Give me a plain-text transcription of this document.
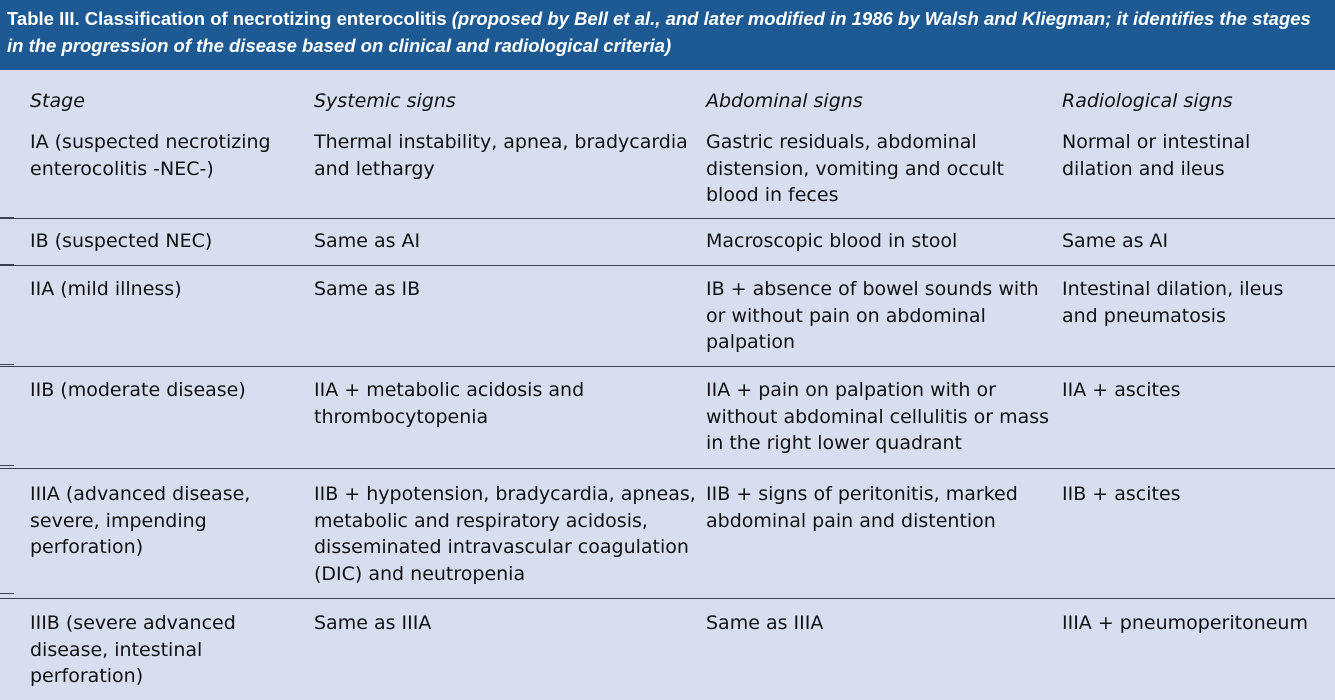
Table III. Classification of necrotizing enterocolitis (proposed by Bell et al., and later modified in 1986 by Walsh and Kliegman; it identifies the stages in the progression of the disease based on clinical and radiological criteria)
Stage	Systemic signs	Abdominal signs	Radiological signs
IA (suspected necrotizing enterocolitis -NEC-)	Thermal instability, apnea, bradycardia and lethargy	Gastric residuals, abdominal distension, vomiting and occult blood in feces	Normal or intestinal dilation and ileus
IB (suspected NEC)	Same as AI	Macroscopic blood in stool	Same as AI
IIA (mild illness)	Same as IB	IB + absence of bowel sounds with or without pain on abdominal palpation	Intestinal dilation, ileus and pneumatosis
IIB (moderate disease)	IIA + metabolic acidosis and thrombocytopenia	IIA + pain on palpation with or without abdominal cellulitis or mass in the right lower quadrant	IIA + ascites
IIIA (advanced disease, severe, impending perforation)	IIB + hypotension, bradycardia, apneas, metabolic and respiratory acidosis, disseminated intravascular coagulation (DIC) and neutropenia	IIB + signs of peritonitis, marked abdominal pain and distention	IIB + ascites
IIIB (severe advanced disease, intestinal perforation)	Same as IIIA	Same as IIIA	IIIA + pneumoperitoneum
